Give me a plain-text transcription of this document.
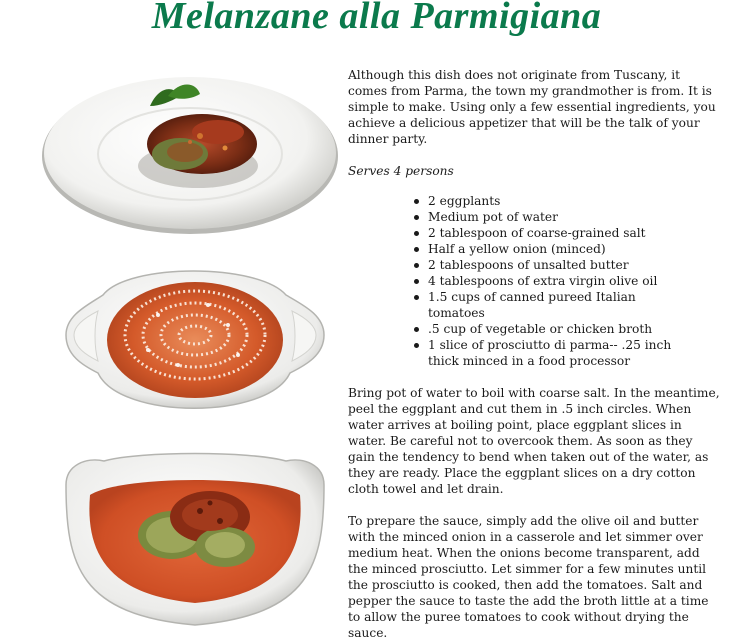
Melanzane alla Parmigiana

Although this dish does not originate from Tuscany, it comes from Parma, the town my grandmother is from. It is simple to make. Using only a few essential ingredients, you achieve a delicious appetizer that will be the talk of your dinner party.

Serves 4 persons

2 eggplants
Medium pot of water
2 tablespoon of coarse-grained salt
Half a yellow onion (minced)
2 tablespoons of unsalted butter
4 tablespoons of extra virgin olive oil
1.5 cups of canned pureed Italian tomatoes
.5 cup of vegetable or chicken broth
1 slice of prosciutto di parma-- .25 inch thick minced in a food processor

Bring pot of water to boil with coarse salt. In the meantime, peel the eggplant and cut them in .5 inch circles. When water arrives at boiling point, place eggplant slices in water. Be careful not to overcook them. As soon as they gain the tendency to bend when taken out of the water, as they are ready. Place the eggplant slices on a dry cotton cloth towel and let drain.

To prepare the sauce, simply add the olive oil and butter with the minced onion in a casserole and let simmer over medium heat. When the onions become transparent, add the minced prosciutto. Let simmer for a few minutes until the prosciutto is cooked, then add the tomatoes. Salt and pepper the sauce to taste the add the broth little at a time to allow the puree tomatoes to cook without drying the sauce.
